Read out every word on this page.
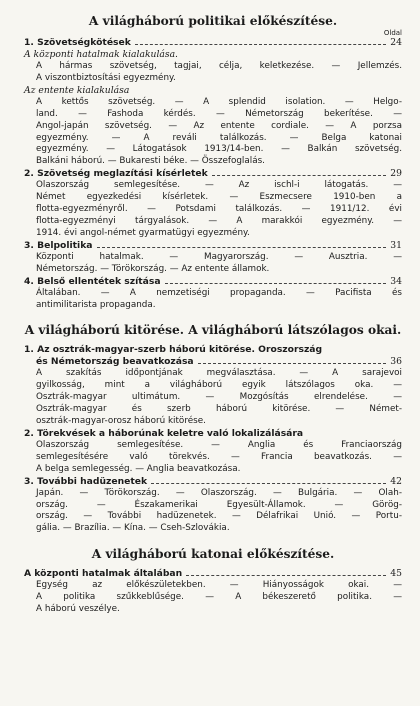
A világháború politikai előkészítése.
Oldal
1. Szövetségkötések	24
A központi hatalmak kialakulása.
A hármas szövetség, tagjai, célja, keletkezése. — Jellemzés.
A viszontbiztosítási egyezmény.
Az entente kialakulása
A kettős szövetség. — A splendid isolation. — Helgo-
land. — Fashoda kérdés. — Németország bekerítése. —
Angol-japán szövetség. — Az entente cordiale. — A porzsa
egyezmény. — A reváli találkozás. — Belga katonai
egyezmény. — Látogatások 1913/14-ben. — Balkán szövetség.
Balkáni háború. — Bukaresti béke. — Összefoglalás.
2. Szövetség meglazítási kísérletek	29
Olaszország semlegesítése. — Az ischl-i látogatás. —
Német egyezkedési kísérletek. — Eszmecsere 1910-ben a
flotta-egyezményről. — Potsdami találkozás. — 1911/12. évi
flotta-egyezményi tárgyalások. — A marakkói egyezmény. —
1914. évi angol-német gyarmatügyi egyezmény.
3. Belpolitika	31
Központi hatalmak. — Magyarország. — Ausztria. —
Németország. — Törökország. — Az entente államok.
4. Belső ellentétek szítása	34
Általában. — A nemzetiségi propaganda. — Pacifista és
antimilitarista propaganda.
A világháború kitörése. A világháború látszólagos okai.
1. Az osztrák-magyar-szerb háború kitörése. Oroszország
és Németország beavatkozása	36
A szakítás időpontjának megválasztása. — A sarajevoi
gyilkosság, mint a világháború egyik látszólagos oka. —
Osztrák-magyar ultimátum. — Mozgósítás elrendelése. —
Osztrák-magyar és szerb háború kitörése. — Német-
osztrák-magyar-orosz háború kitörése.
2. Törekvések a háborúnak keletre való lokalizálására
Olaszország semlegesítése. — Anglia és Franciaország
semlegesítésére való törekvés. — Francia beavatkozás. —
A belga semlegesség. — Anglia beavatkozása.
3. További hadüzenetek	42
Japán. — Törökország. — Olaszország. — Bulgária. — Olah-
ország. — Északamerikai Egyesült-Államok. — Görög-
ország. — További hadüzenetek. — Délafrikai Unió. — Portu-
gália. — Brazília. — Kína. — Cseh-Szlovákia.
A világháború katonai előkészítése.
A központi hatalmak általában	45
Egység az előkészületekben. — Hiányosságok okai. —
A politika szűkkeblűsége. — A békeszerető politika. —
A háború veszélye.
